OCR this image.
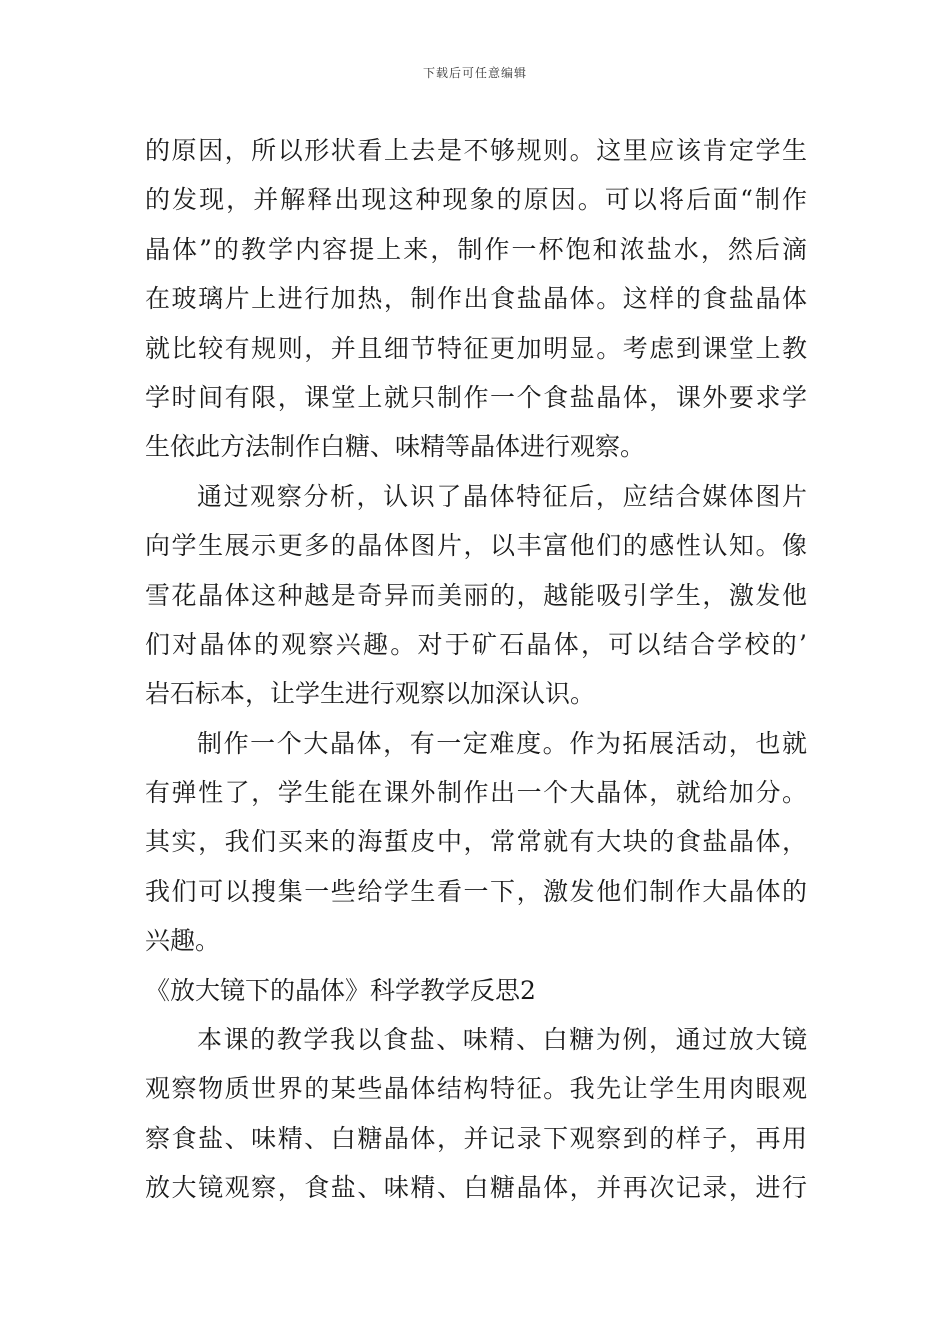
下载后可任意编辑
的原因，所以形状看上去是不够规则。这里应该肯定学生
的发现，并解释出现这种现象的原因。可以将后面“制作
晶体”的教学内容提上来，制作一杯饱和浓盐水，然后滴
在玻璃片上进行加热，制作出食盐晶体。这样的食盐晶体
就比较有规则，并且细节特征更加明显。考虑到课堂上教
学时间有限，课堂上就只制作一个食盐晶体，课外要求学
生依此方法制作白糖、味精等晶体进行观察。
通过观察分析，认识了晶体特征后，应结合媒体图片
向学生展示更多的晶体图片，以丰富他们的感性认知。像
雪花晶体这种越是奇异而美丽的，越能吸引学生，激发他
们对晶体的观察兴趣。对于矿石晶体，可以结合学校的’
岩石标本，让学生进行观察以加深认识。
制作一个大晶体，有一定难度。作为拓展活动，也就
有弹性了，学生能在课外制作出一个大晶体，就给加分。
其实，我们买来的海蜇皮中，常常就有大块的食盐晶体，
我们可以搜集一些给学生看一下，激发他们制作大晶体的
兴趣。
《放大镜下的晶体》科学教学反思2
本课的教学我以食盐、味精、白糖为例，通过放大镜
观察物质世界的某些晶体结构特征。我先让学生用肉眼观
察食盐、味精、白糖晶体，并记录下观察到的样子，再用
放大镜观察，食盐、味精、白糖晶体，并再次记录，进行
